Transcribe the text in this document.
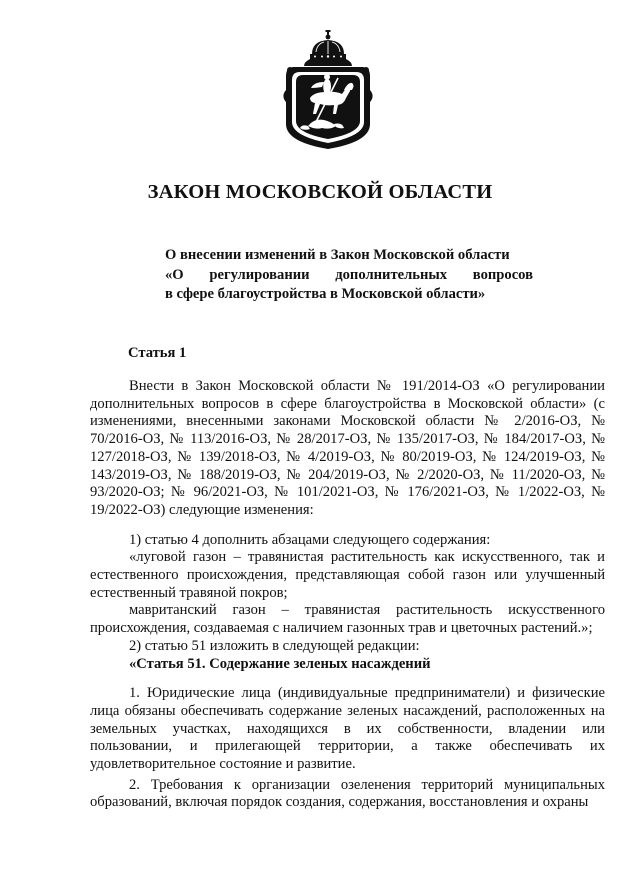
ЗАКОН МОСКОВСКОЙ ОБЛАСТИ
О внесении изменений в Закон Московской области
«О регулировании дополнительных вопросов
в сфере благоустройства в Московской области»
Статья 1

Внести в Закон Московской области № 191/2014-ОЗ «О регулировании дополнительных вопросов в сфере благоустройства в Московской области» (с изменениями, внесенными законами Московской области № 2/2016-ОЗ, № 70/2016-ОЗ, № 113/2016-ОЗ, № 28/2017-ОЗ, № 135/2017-ОЗ, № 184/2017-ОЗ, № 127/2018-ОЗ, № 139/2018-ОЗ, № 4/2019-ОЗ, № 80/2019-ОЗ, № 124/2019-ОЗ, № 143/2019-ОЗ, № 188/2019-ОЗ, № 204/2019-ОЗ, № 2/2020-ОЗ, № 11/2020-ОЗ, № 93/2020-ОЗ; № 96/2021-ОЗ, № 101/2021-ОЗ, № 176/2021-ОЗ, № 1/2022-ОЗ, № 19/2022-ОЗ) следующие изменения:

1) статью 4 дополнить абзацами следующего содержания:

«луговой газон – травянистая растительность как искусственного, так и естественного происхождения, представляющая собой газон или улучшенный естественный травяной покров;

мавританский газон – травянистая растительность искусственного происхождения, создаваемая с наличием газонных трав и цветочных растений.»;

2) статью 51 изложить в следующей редакции:

«Статья 51. Содержание зеленых насаждений

1. Юридические лица (индивидуальные предприниматели) и физические лица обязаны обеспечивать содержание зеленых насаждений, расположенных на земельных участках, находящихся в их собственности, владении или пользовании, и прилегающей территории, а также обеспечивать их удовлетворительное состояние и развитие.

2. Требования к организации озеленения территорий муниципальных образований, включая порядок создания, содержания, восстановления и охраны
